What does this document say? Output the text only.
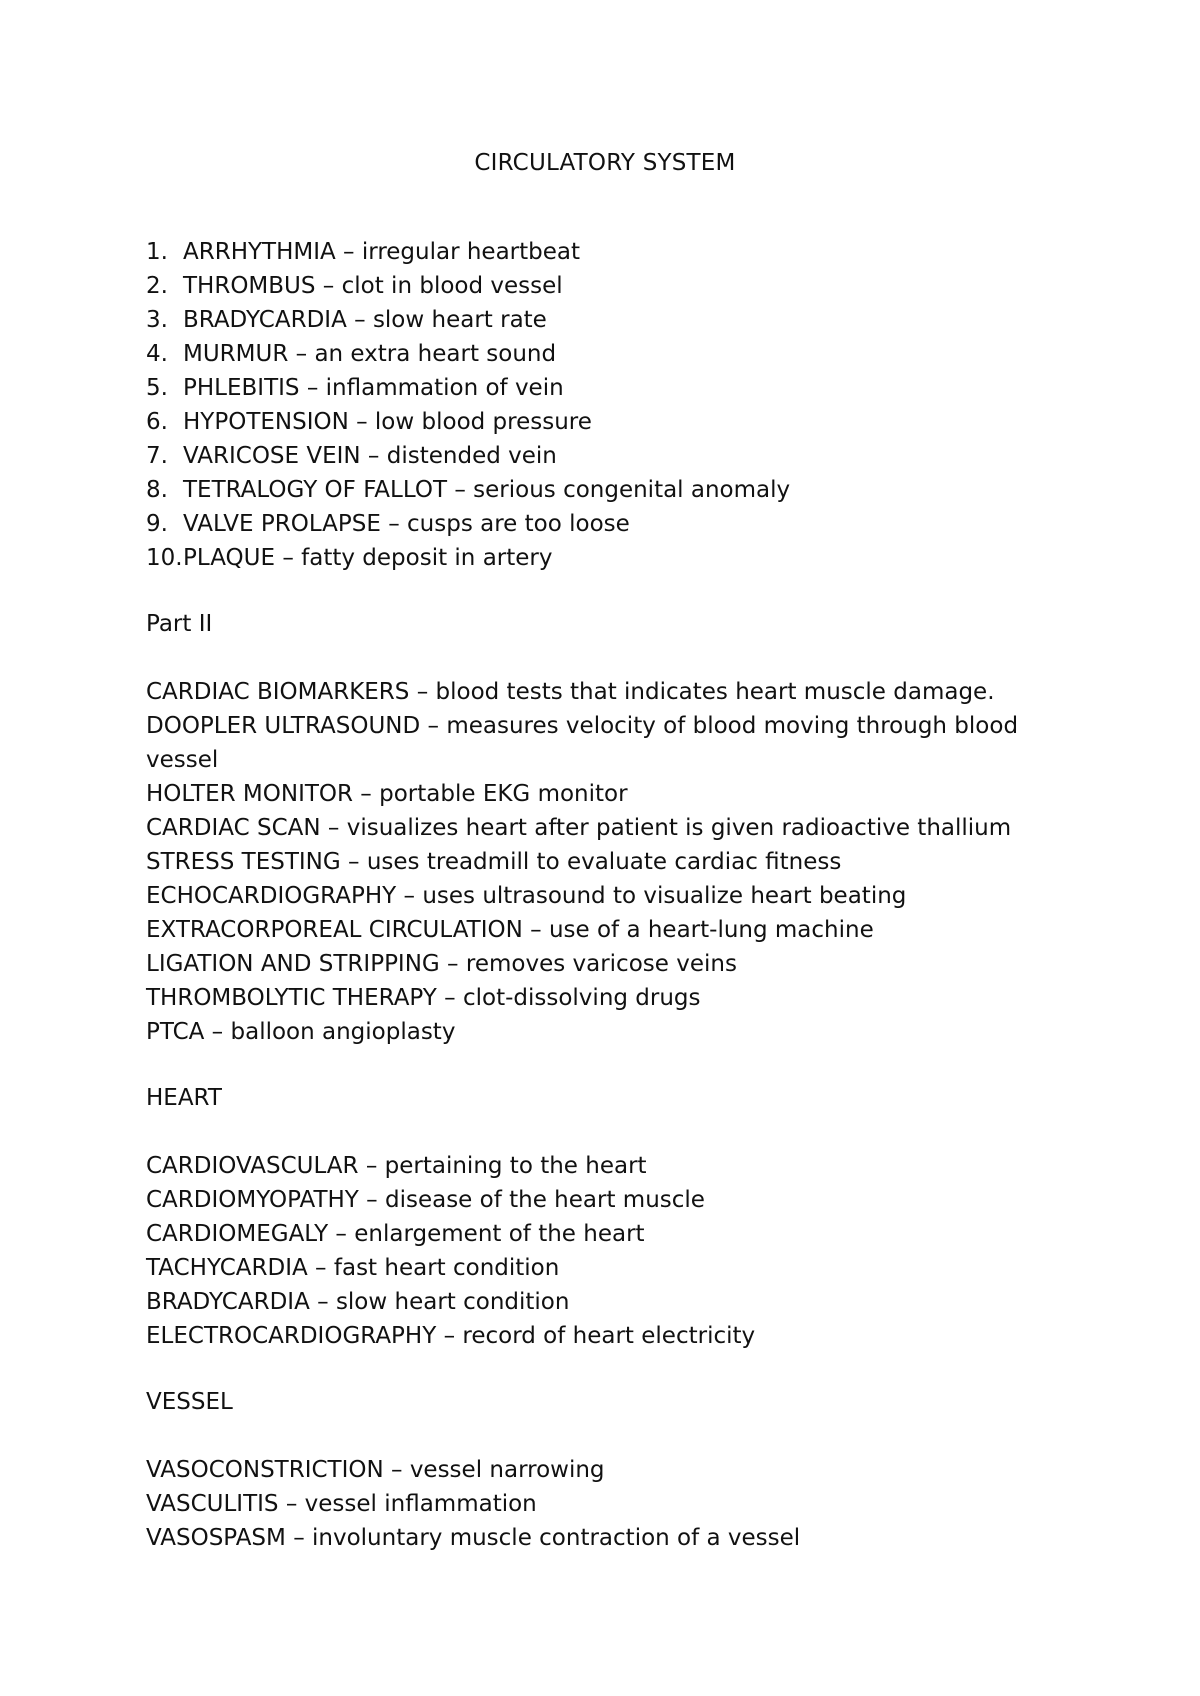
CIRCULATORY SYSTEM
1. ARRHYTHMIA – irregular heartbeat
2. THROMBUS – clot in blood vessel
3. BRADYCARDIA – slow heart rate
4. MURMUR – an extra heart sound
5. PHLEBITIS – inflammation of vein
6. HYPOTENSION – low blood pressure
7. VARICOSE VEIN – distended vein
8. TETRALOGY OF FALLOT – serious congenital anomaly
9. VALVE PROLAPSE – cusps are too loose
10.PLAQUE – fatty deposit in artery
Part II
CARDIAC BIOMARKERS – blood tests that indicates heart muscle damage.
DOOPLER ULTRASOUND – measures velocity of blood moving through blood vessel
HOLTER MONITOR – portable EKG monitor
CARDIAC SCAN – visualizes heart after patient is given radioactive thallium
STRESS TESTING – uses treadmill to evaluate cardiac fitness
ECHOCARDIOGRAPHY – uses ultrasound to visualize heart beating
EXTRACORPOREAL CIRCULATION – use of a heart-lung machine
LIGATION AND STRIPPING – removes varicose veins
THROMBOLYTIC THERAPY – clot-dissolving drugs
PTCA – balloon angioplasty
HEART
CARDIOVASCULAR – pertaining to the heart
CARDIOMYOPATHY – disease of the heart muscle
CARDIOMEGALY – enlargement of the heart
TACHYCARDIA – fast heart condition
BRADYCARDIA – slow heart condition
ELECTROCARDIOGRAPHY – record of heart electricity
VESSEL
VASOCONSTRICTION – vessel narrowing
VASCULITIS – vessel inflammation
VASOSPASM – involuntary muscle contraction of a vessel
